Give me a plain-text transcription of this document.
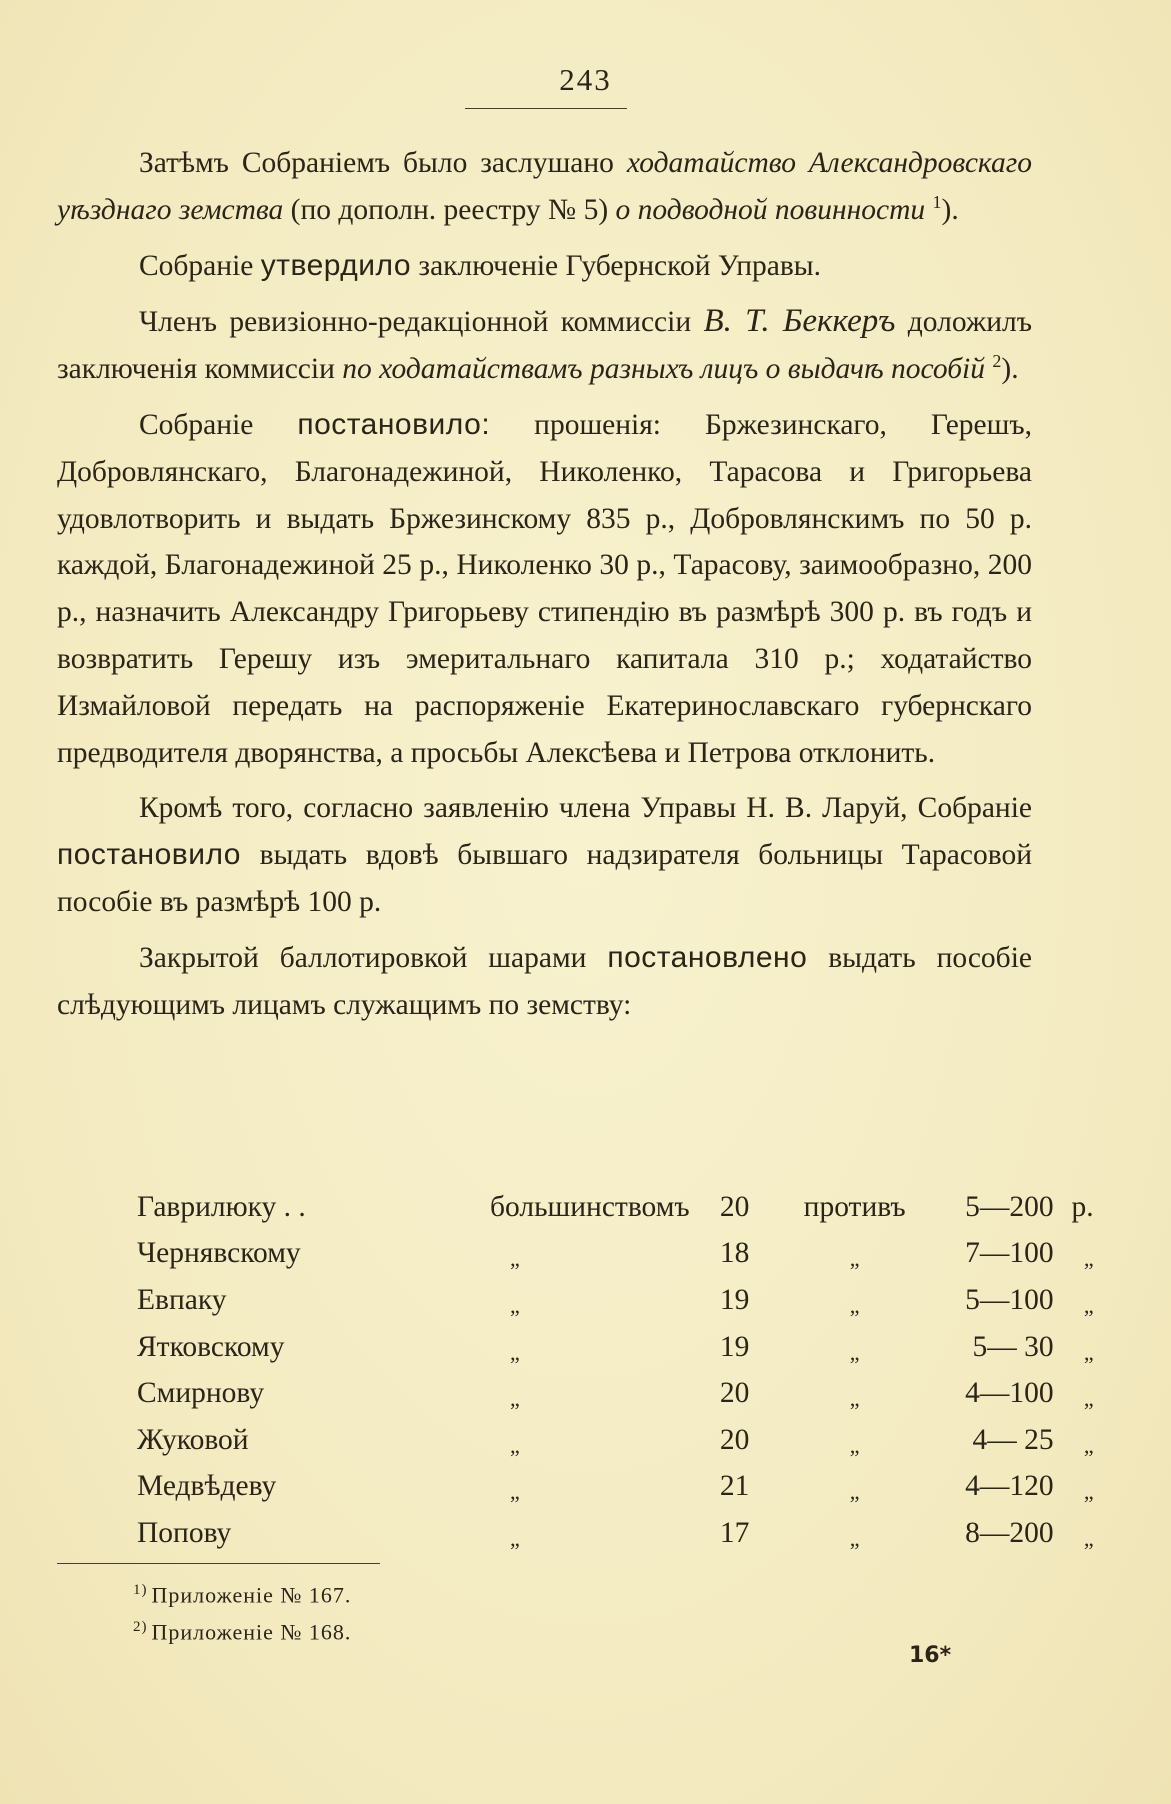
243

Затѣмъ Собраніемъ было заслушано ходатайство Александровскаго уѣзднаго земства (по дополн. реестру № 5) о подводной повинности $^1$).

Собраніе утвердило заключеніе Губернской Управы.

Членъ ревизіонно-редакціонной коммиссіи В. Т. Беккеръ доложилъ заключенія коммиссіи по ходатайствамъ разныхъ лицъ о выдачѣ пособій $^2$).

Собраніе постановило: прошенія: Бржезинскаго, Герешъ, Добровлянскаго, Благонадежиной, Николенко, Тарасова и Григорьева удовлотворить и выдать Бржезинскому 835 р., Добровлянскимъ по 50 р. каждой, Благонадежиной 25 р., Николенко 30 р., Тарасову, заимообразно, 200 р., назначить Александру Григорьеву стипендію въ размѣрѣ 300 р. въ годъ и возвратить Герешу изъ эмеритальнаго капитала 310 р.; ходатайство Измайловой передать на распоряженіе Екатеринославскаго губернскаго предводителя дворянства, а просьбы Алексѣева и Петрова отклонить.

Кромѣ того, согласно заявленію члена Управы Н. В. Ларуй, Собраніе постановило выдать вдовѣ бывшаго надзирателя больницы Тарасовой пособіе въ размѣрѣ 100 р.

Закрытой баллотировкой шарами постановлено выдать пособіе слѣдующимъ лицамъ служащимъ по земству:

Гаврилюку . .	большинствомъ	20	противъ	5—200	р.
Чернявскому	$_„$	18	$_„$	7—100	$_„$
Евпаку	$_„$	19	$_„$	5—100	$_„$
Ятковскому	$_„$	19	$_„$	5— 30	$_„$
Смирнову	$_„$	20	$_„$	4—100	$_„$
Жуковой	$_„$	20	$_„$	4— 25	$_„$
Медвѣдеву	$_„$	21	$_„$	4—120	$_„$
Попову	$_„$	17	$_„$	8—200	$_„$
$^{1)}$ Приложеніе № 167.
$^{2)}$ Приложеніе № 168.
16*
